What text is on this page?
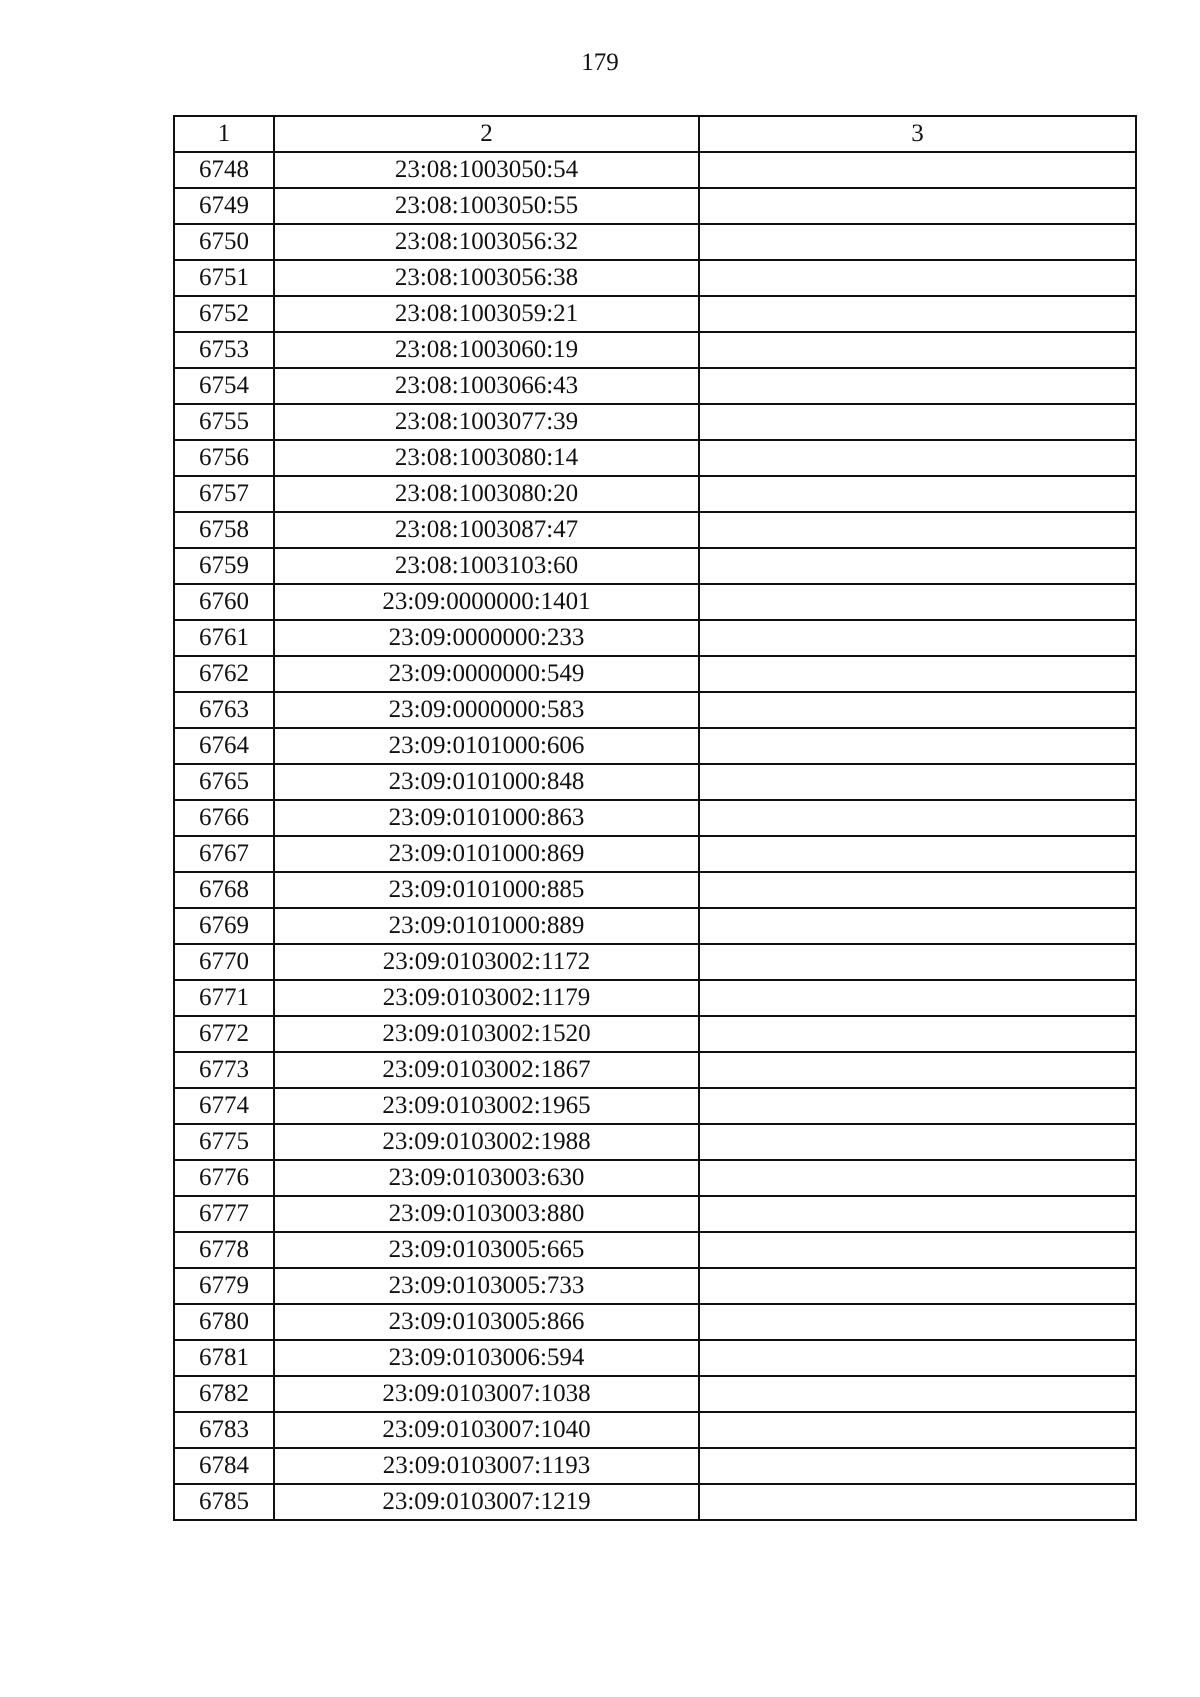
179
1	2	3
6748	23:08:1003050:54	
6749	23:08:1003050:55	
6750	23:08:1003056:32	
6751	23:08:1003056:38	
6752	23:08:1003059:21	
6753	23:08:1003060:19	
6754	23:08:1003066:43	
6755	23:08:1003077:39	
6756	23:08:1003080:14	
6757	23:08:1003080:20	
6758	23:08:1003087:47	
6759	23:08:1003103:60	
6760	23:09:0000000:1401	
6761	23:09:0000000:233	
6762	23:09:0000000:549	
6763	23:09:0000000:583	
6764	23:09:0101000:606	
6765	23:09:0101000:848	
6766	23:09:0101000:863	
6767	23:09:0101000:869	
6768	23:09:0101000:885	
6769	23:09:0101000:889	
6770	23:09:0103002:1172	
6771	23:09:0103002:1179	
6772	23:09:0103002:1520	
6773	23:09:0103002:1867	
6774	23:09:0103002:1965	
6775	23:09:0103002:1988	
6776	23:09:0103003:630	
6777	23:09:0103003:880	
6778	23:09:0103005:665	
6779	23:09:0103005:733	
6780	23:09:0103005:866	
6781	23:09:0103006:594	
6782	23:09:0103007:1038	
6783	23:09:0103007:1040	
6784	23:09:0103007:1193	
6785	23:09:0103007:1219	
